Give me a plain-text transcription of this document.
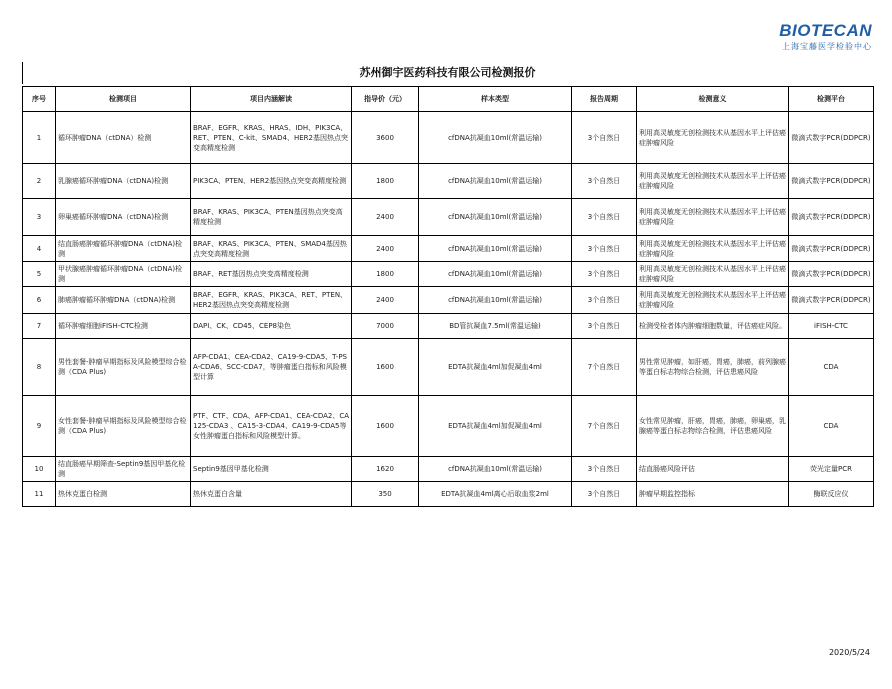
BIOTECAN
上海宝藤医学检验中心
苏州御宇医药科技有限公司检测报价
序号	检测项目	项目内涵解读	指导价（元）	样本类型	报告周期	检测意义	检测平台
1	循环肿瘤DNA（ctDNA）检测	BRAF、EGFR、KRAS、HRAS、IDH、PIK3CA、RET、PTEN、C-kit、SMAD4、HER2基因热点突变高精度检测	3600	cfDNA抗凝血10ml(常温运输)	3个自然日	利用高灵敏度无创检测技术从基因水平上评估癌症肿瘤风险	微滴式数字PCR(DDPCR)
2	乳腺癌循环肿瘤DNA（ctDNA)检测	PIK3CA、PTEN、HER2基因热点突变高精度检测	1800	cfDNA抗凝血10ml(常温运输)	3个自然日	利用高灵敏度无创检测技术从基因水平上评估癌症肿瘤风险	微滴式数字PCR(DDPCR)
3	卵巢癌循环肿瘤DNA（ctDNA)检测	BRAF、KRAS、PIK3CA、PTEN基因热点突变高精度检测	2400	cfDNA抗凝血10ml(常温运输)	3个自然日	利用高灵敏度无创检测技术从基因水平上评估癌症肿瘤风险	微滴式数字PCR(DDPCR)
4	结直肠癌肿瘤循环肿瘤DNA（ctDNA)检测	BRAF、KRAS、PIK3CA、PTEN、SMAD4基因热点突变高精度检测	2400	cfDNA抗凝血10ml(常温运输)	3个自然日	利用高灵敏度无创检测技术从基因水平上评估癌症肿瘤风险	微滴式数字PCR(DDPCR)
5	甲状腺癌肿瘤循环肿瘤DNA（ctDNA)检测	BRAF、RET基因热点突变高精度检测	1800	cfDNA抗凝血10ml(常温运输)	3个自然日	利用高灵敏度无创检测技术从基因水平上评估癌症肿瘤风险	微滴式数字PCR(DDPCR)
6	肺癌肿瘤循环肿瘤DNA（ctDNA)检测	BRAF、EGFR、KRAS、PIK3CA、RET、PTEN、HER2基因热点突变高精度检测	2400	cfDNA抗凝血10ml(常温运输)	3个自然日	利用高灵敏度无创检测技术从基因水平上评估癌症肿瘤风险	微滴式数字PCR(DDPCR)
7	循环肿瘤细胞iFISH-CTC检测	DAPI、CK、CD45、CEP8染色	7000	BD管抗凝血7.5ml(常温运输)	3个自然日	检测受检者体内肿瘤细胞数量，评估癌症风险。	iFISH-CTC
8	男性套餐-肿瘤早期指标及风险模型综合检测（CDA Plus)	AFP-CDA1、CEA-CDA2、CA19-9-CDA5、T-PSA-CDA6、SCC-CDA7，等肿瘤蛋白指标和风险模型计算	1600	EDTA抗凝血4ml加促凝血4ml	7个自然日	男性常见肿瘤，如肝癌，胃癌，肺癌，前列腺癌等蛋白标志物综合检测，评估患癌风险	CDA
9	女性套餐-肿瘤早期指标及风险模型综合检测（CDA Plus)	PTF、CTF、CDA、AFP-CDA1、CEA-CDA2、CA125-CDA3 、CA15-3-CDA4、CA19-9-CDA5等女性肿瘤蛋白指标和风险模型计算。	1600	EDTA抗凝血4ml加促凝血4ml	7个自然日	女性常见肿瘤，肝癌，胃癌，肺癌，卵巢癌，乳腺癌等蛋白标志物综合检测，评估患癌风险	CDA
10	结直肠癌早期筛查-Septin9基因甲基化检测	Septin9基因甲基化检测	1620	cfDNA抗凝血10ml(常温运输)	3个自然日	结直肠癌风险评估	荧光定量PCR
11	热休克蛋白检测	热休克蛋白含量	350	EDTA抗凝血4ml离心后取血浆2ml	3个自然日	肿瘤早期监控指标	酶联反应仪
2020/5/24
